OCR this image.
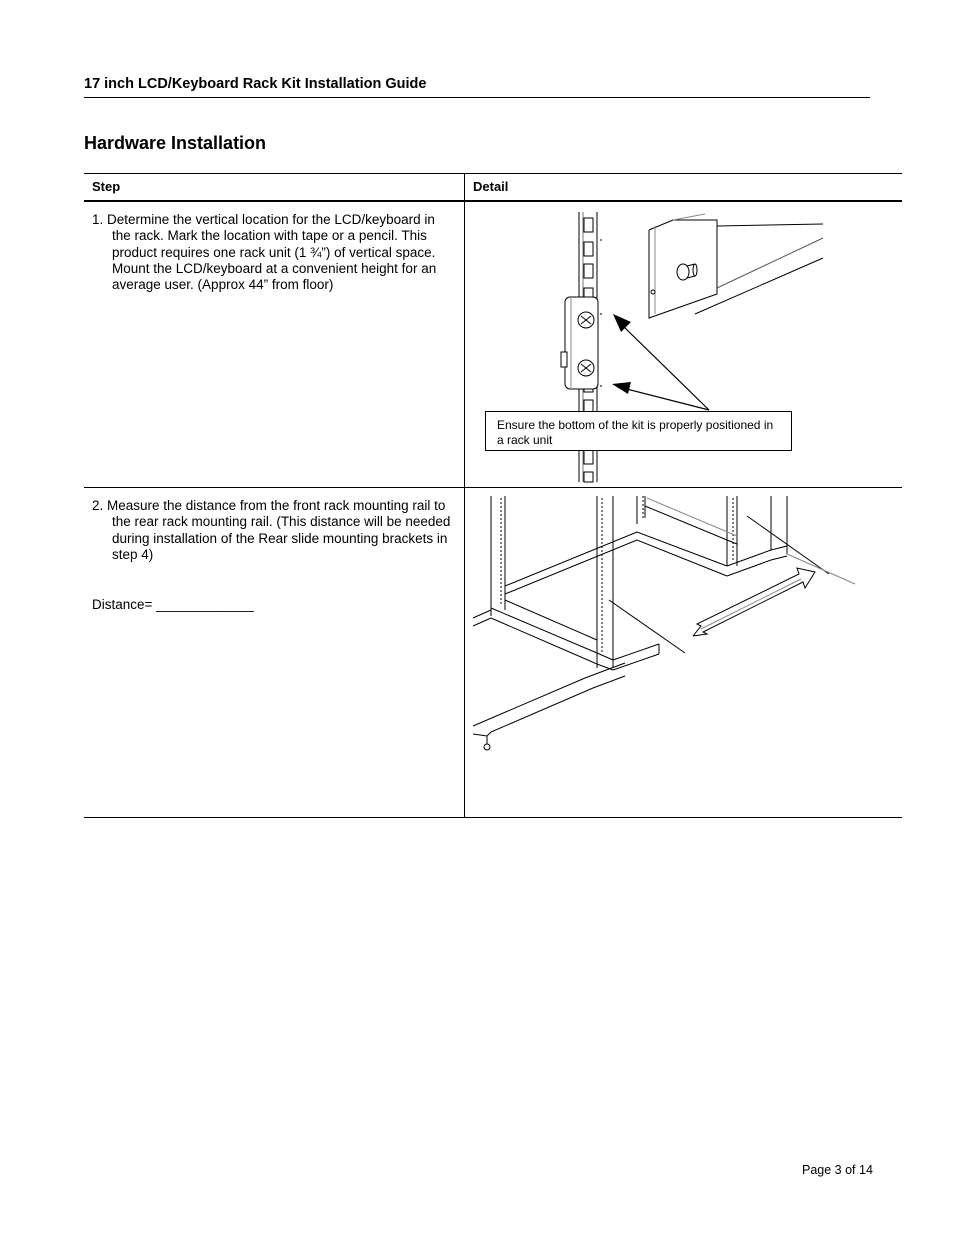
17 inch LCD/Keyboard Rack Kit Installation Guide
Hardware Installation
Step	Detail

1. Determine the vertical location for the LCD/keyboard in the rack. Mark the location with tape or a pencil. This product requires one rack unit (1 ¾”) of vertical space. Mount the LCD/keyboard at a convenient height for an average user. (Approx 44” from floor)	Ensure the bottom of the kit is properly positioned in a rack unit

2. Measure the distance from the front rack mounting rail to the rear rack mounting rail. (This distance will be needed during installation of the Rear slide mounting brackets in step 4)

Distance= _____________

Page 3 of 14
